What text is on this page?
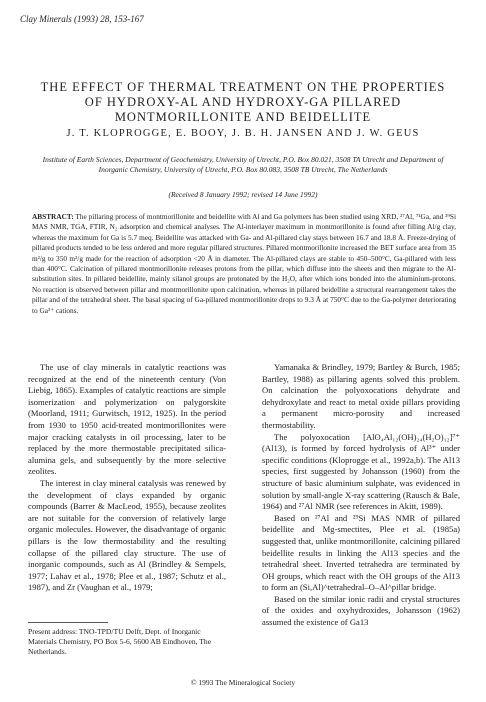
Clay Minerals (1993) 28, 153-167
THE EFFECT OF THERMAL TREATMENT ON THE PROPERTIES OF HYDROXY-AL AND HYDROXY-GA PILLARED MONTMORILLONITE AND BEIDELLITE
J. T. KLOPROGGE, E. BOOY, J. B. H. JANSEN AND J. W. GEUS
Institute of Earth Sciences, Department of Geochemistry, University of Utrecht, P.O. Box 80.021, 3508 TA Utrecht and Department of Inorganic Chemistry, University of Utrecht, P.O. Box 80.083, 3508 TB Utrecht, The Netherlands
(Received 8 January 1992; revised 14 June 1992)
ABSTRACT: The pillaring process of montmorillonite and beidellite with Al and Ga polymers has been studied using XRD, ²⁷Al, ⁷¹Ga, and ²⁹Si MAS NMR, TGA, FTIR, N₂ adsorption and chemical analyses. The Al-interlayer maximum in montmorillonite is found after filling Al/g clay, whereas the maximum for Ga is 5.7 meq. Beidellite was attacked with Ga- and Al-pillared clay stays between 16.7 and 18.8 Å. Freeze-drying of pillared products tended to be less ordered and more regular pillared structures. Pillared montmorillonite increased the BET surface area from 35 m²/g to 350 m²/g made for the reaction of adsorption <20 Å in diameter. The Al-pillared clays are stable to 450–500°C, Ga-pillared with less than 400°C. Calcination of pillared montmorillonite releases protons from the pillar, which diffuse into the sheets and then migrate to the Al-substitution sites. In pillared beidellite, mainly silanol groups are protonated by the H₂O, after which ions bonded into the aluminium-protons. No reaction is observed between pillar and montmorillonite upon calcination, whereas in pillared beidellite a structural rearrangement takes the pillar and of the tetrahedral sheet. The basal spacing of Ga-pillared montmorillonite drops to 9.3 Å at 750°C due to the Ga-polymer deteriorating to Ga³⁺ cations.

The use of clay minerals in catalytic reactions was recognized at the end of the nineteenth century (Von Liebig, 1865). Examples of catalytic reactions are simple isomerization and polymerization on palygorskite (Moorland, 1911; Gurwitsch, 1912, 1925). In the period from 1930 to 1950 acid-treated montmorillonites were major cracking catalysts in oil processing, later to be replaced by the more thermostable precipitated silica-alumina gels, and subsequently by the more selective zeolites.

The interest in clay mineral catalysis was renewed by the development of clays expanded by organic compounds (Barrer & MacLeod, 1955), because zeolites are not suitable for the conversion of relatively large organic molecules. However, the disadvantage of organic pillars is the low thermostability and the resulting collapse of the pillared clay structure. The use of inorganic compounds, such as Al (Brindley & Sempels, 1977; Lahav et al., 1978; Plee et al., 1987; Schutz et al., 1987), and Zr (Vaughan et al., 1979;

Present address: TNO-TPD/TU Delft, Dept. of Inorganic Materials Chemistry, PO Box 5-6, 5600 AB Eindhoven, The Netherlands.

Yamanaka & Brindley, 1979; Bartley & Burch, 1985; Bartley, 1988) as pillaring agents solved this problem. On calcination the polyoxocations dehydrate and dehydroxylate and react to metal oxide pillars providing a permanent micro-porosity and increased thermostability.

The polyoxocation [AlO₄Al₁₂(OH)₂₄(H₂O)₁₂]⁷⁺ (Al13), is formed by forced hydrolysis of Al³⁺ under specific conditions (Kloprogge et al., 1992a,b). The Al13 species, first suggested by Johansson (1960) from the structure of basic aluminium sulphate, was evidenced in solution by small-angle X-ray scattering (Rausch & Bale, 1964) and ²⁷Al NMR (see references in Akitt, 1989).

Based on ²⁷Al and ²⁹Si MAS NMR of pillared beidellite and Mg-smectites, Plee et al. (1985a) suggested that, unlike montmorillonite, calcining pillared beidellite results in linking the Al13 species and the tetrahedral sheet. Inverted tetrahedra are terminated by OH groups, which react with the OH groups of the Al13 to form an (Si,Al)^tetrahedral–O–Al^pillar bridge.

Based on the similar ionic radii and crystal structures of the oxides and oxyhydroxides, Johansson (1962) assumed the existence of Ga13

© 1993 The Mineralogical Society
